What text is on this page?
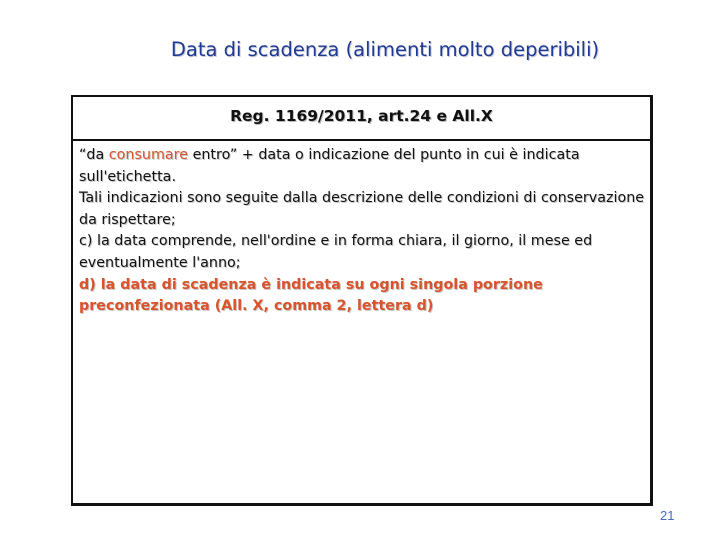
Data di scadenza (alimenti molto deperibili)
Reg. 1169/2011, art.24 e All.X

“da consumare entro” + data o indicazione del punto in cui è indicata sull'etichetta.

Tali indicazioni sono seguite dalla descrizione delle condizioni di conservazione da rispettare;

c) la data comprende, nell'ordine e in forma chiara, il giorno, il mese ed eventualmente l'anno;

d) la data di scadenza è indicata su ogni singola porzione preconfezionata (All. X, comma 2, lettera d)

21
